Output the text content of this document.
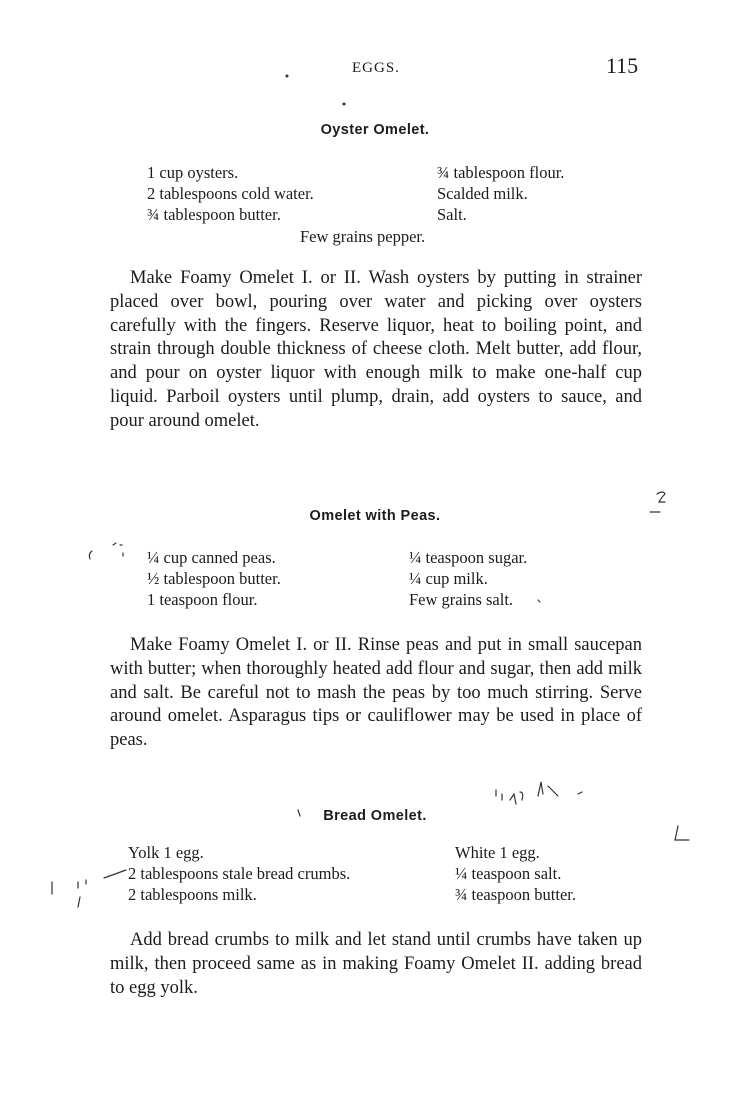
EGGS.	115
Oyster Omelet.
1 cup oysters.
2 tablespoons cold water.
¾ tablespoon butter.
¾ tablespoon flour.
Scalded milk.
Salt.
Few grains pepper.
Make Foamy Omelet I. or II. Wash oysters by putting in strainer placed over bowl, pouring over water and picking over oysters carefully with the fingers. Reserve liquor, heat to boiling point, and strain through double thickness of cheese cloth. Melt butter, add flour, and pour on oyster liquor with enough milk to make one-half cup liquid. Parboil oysters until plump, drain, add oysters to sauce, and pour around omelet.
Omelet with Peas.
¼ cup canned peas.
½ tablespoon butter.
1 teaspoon flour.
¼ teaspoon sugar.
¼ cup milk.
Few grains salt.
Make Foamy Omelet I. or II. Rinse peas and put in small saucepan with butter; when thoroughly heated add flour and sugar, then add milk and salt. Be careful not to mash the peas by too much stirring. Serve around omelet. Asparagus tips or cauliflower may be used in place of peas.
Bread Omelet.
Yolk 1 egg.
2 tablespoons stale bread crumbs.
2 tablespoons milk.
White 1 egg.
¼ teaspoon salt.
¾ teaspoon butter.
Add bread crumbs to milk and let stand until crumbs have taken up milk, then proceed same as in making Foamy Omelet II. adding bread to egg yolk.
